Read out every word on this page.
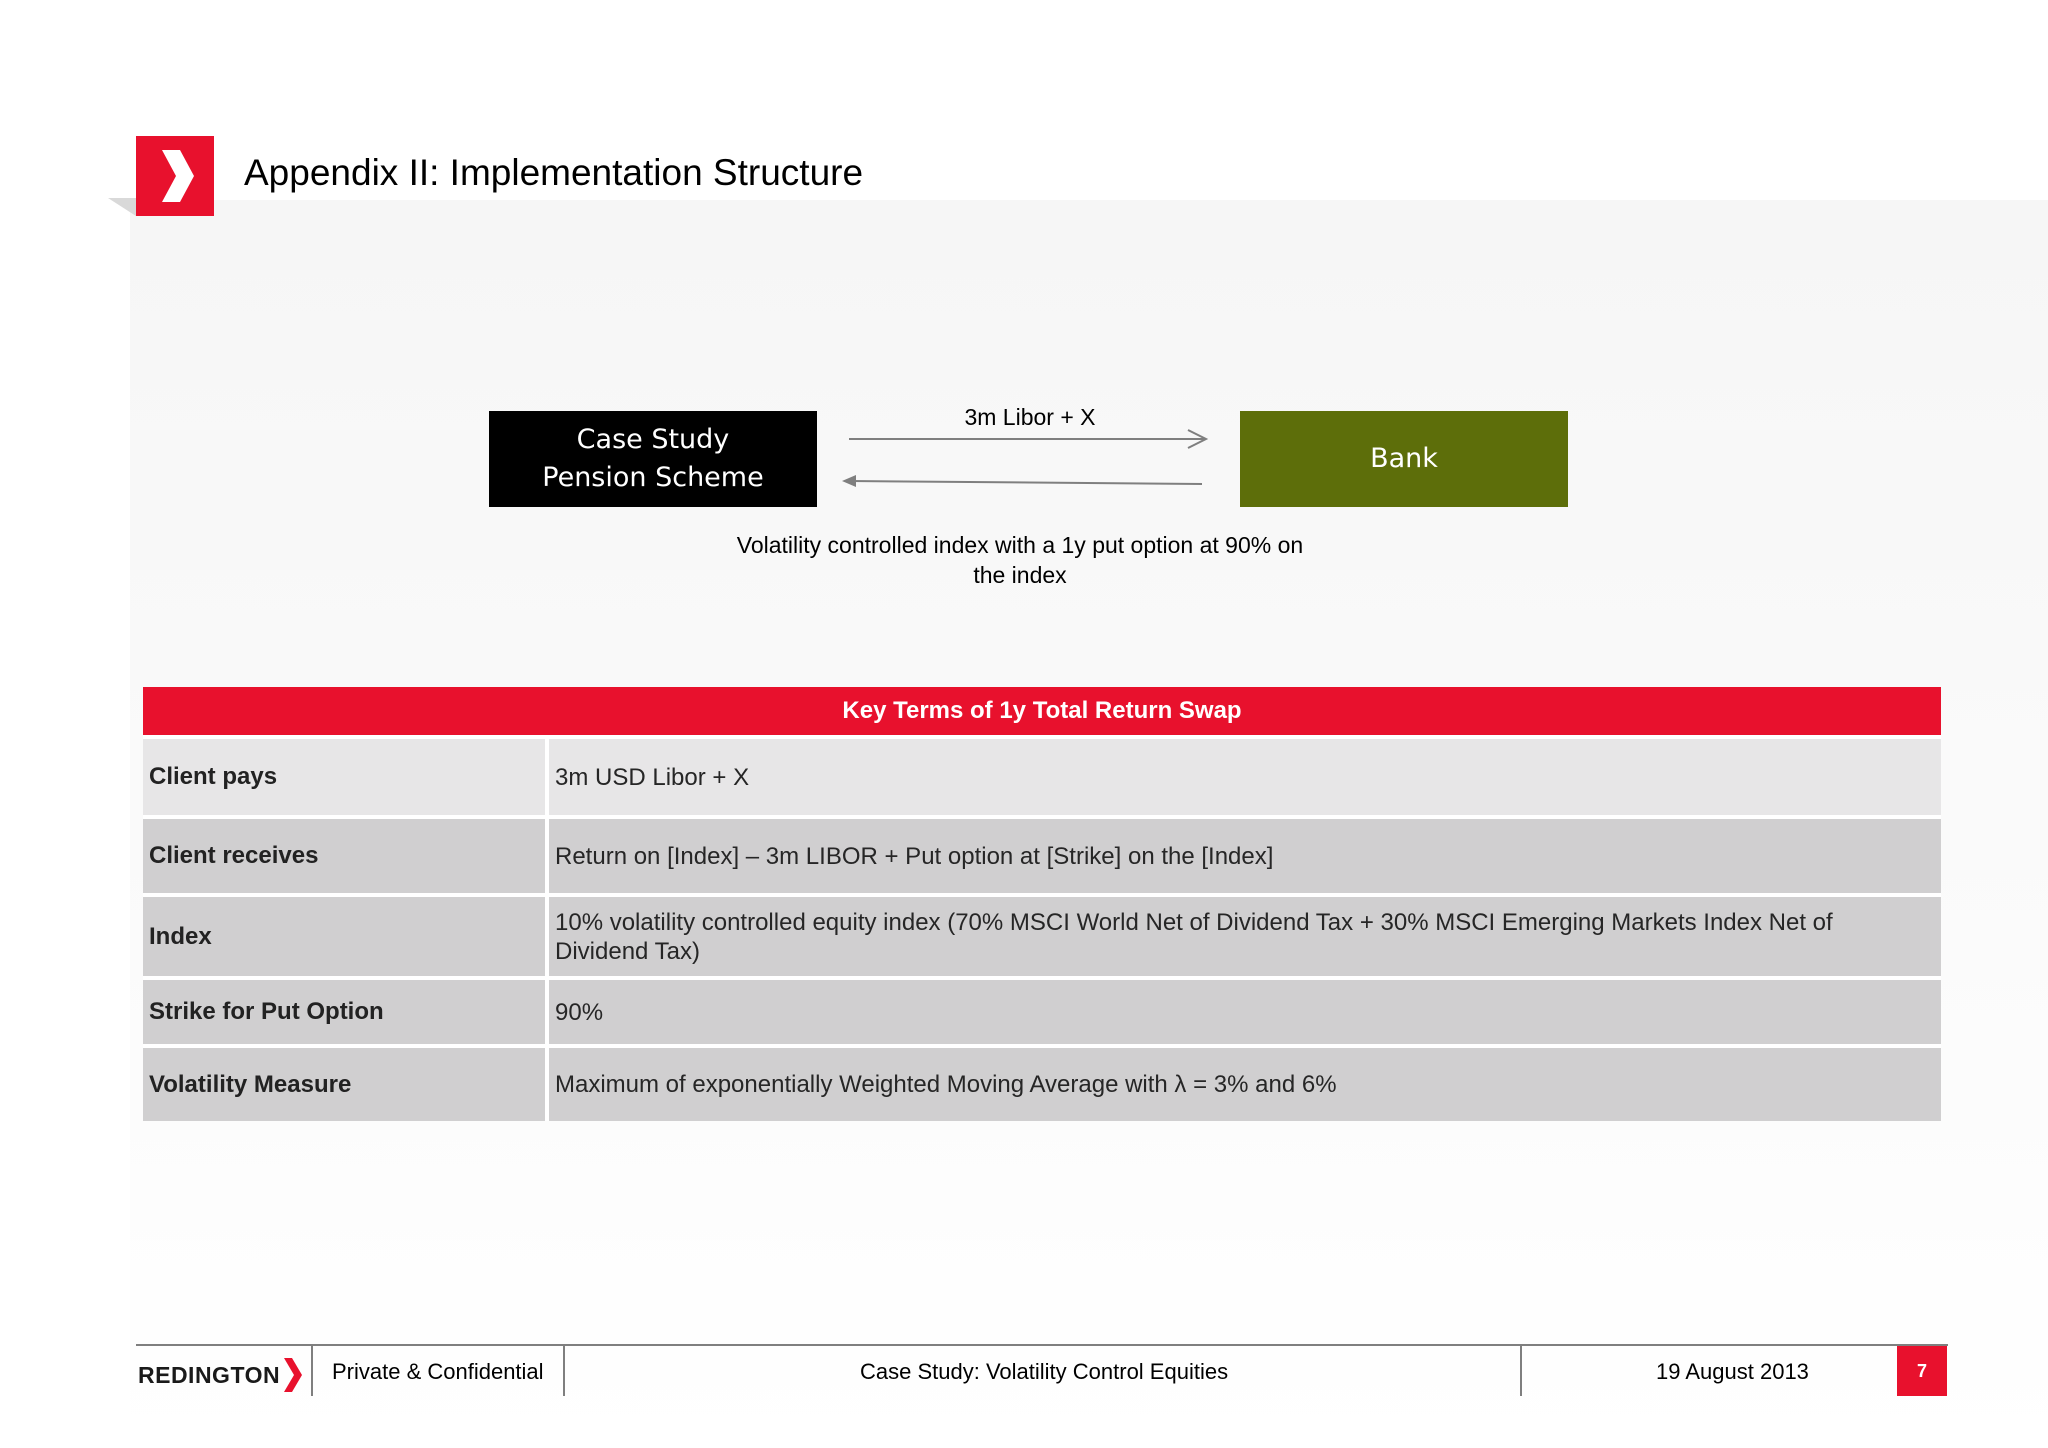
Appendix II: Implementation Structure
Case Study
Pension Scheme
Bank
3m Libor + X
Volatility controlled index with a 1y put option at 90% on the index
Key Terms of 1y Total Return Swap	
Client pays	3m USD Libor + X
Client receives	Return on [Index] – 3m LIBOR + Put option at [Strike] on the [Index]
Index	10% volatility controlled equity index (70% MSCI World Net of Dividend Tax + 30% MSCI Emerging Markets Index Net of Dividend Tax)
Strike for Put Option	90%
Volatility Measure	Maximum of exponentially Weighted Moving Average with λ = 3% and 6%
REDINGTON Private & Confidential	Case Study: Volatility Control Equities	19 August 2013	7
